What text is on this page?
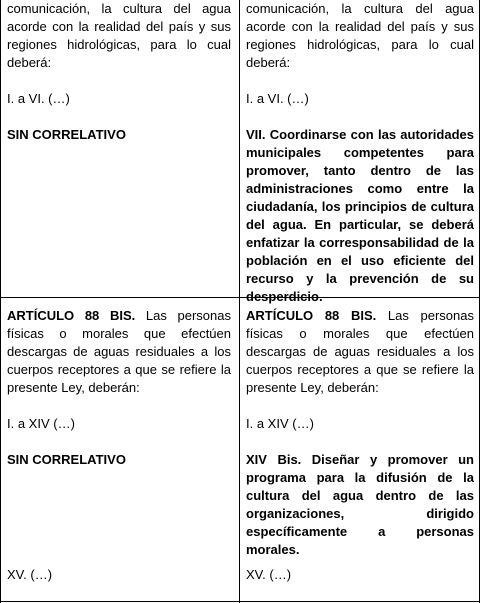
comunicación, la cultura del agua acorde con la realidad del país y sus regiones hidrológicas, para lo cual deberá:

I. a VI. (…)

SIN CORRELATIVO

comunicación, la cultura del agua acorde con la realidad del país y sus regiones hidrológicas, para lo cual deberá:

I. a VI. (…)

VII. Coordinarse con las autoridades municipales competentes para promover, tanto dentro de las administraciones como entre la ciudadanía, los principios de cultura del agua. En particular, se deberá enfatizar la corresponsabilidad de la población en el uso eficiente del recurso y la prevención de su desperdicio.

ARTÍCULO 88 BIS. Las personas físicas o morales que efectúen descargas de aguas residuales a los cuerpos receptores a que se refiere la presente Ley, deberán:

I. a XIV (…)

SIN CORRELATIVO

XV. (…)

ARTÍCULO 88 BIS. Las personas físicas o morales que efectúen descargas de aguas residuales a los cuerpos receptores a que se refiere la presente Ley, deberán:

I. a XIV (…)

XIV Bis. Diseñar y promover un programa para la difusión de la cultura del agua dentro de las organizaciones, dirigido específicamente a personas morales.

XV. (…)
